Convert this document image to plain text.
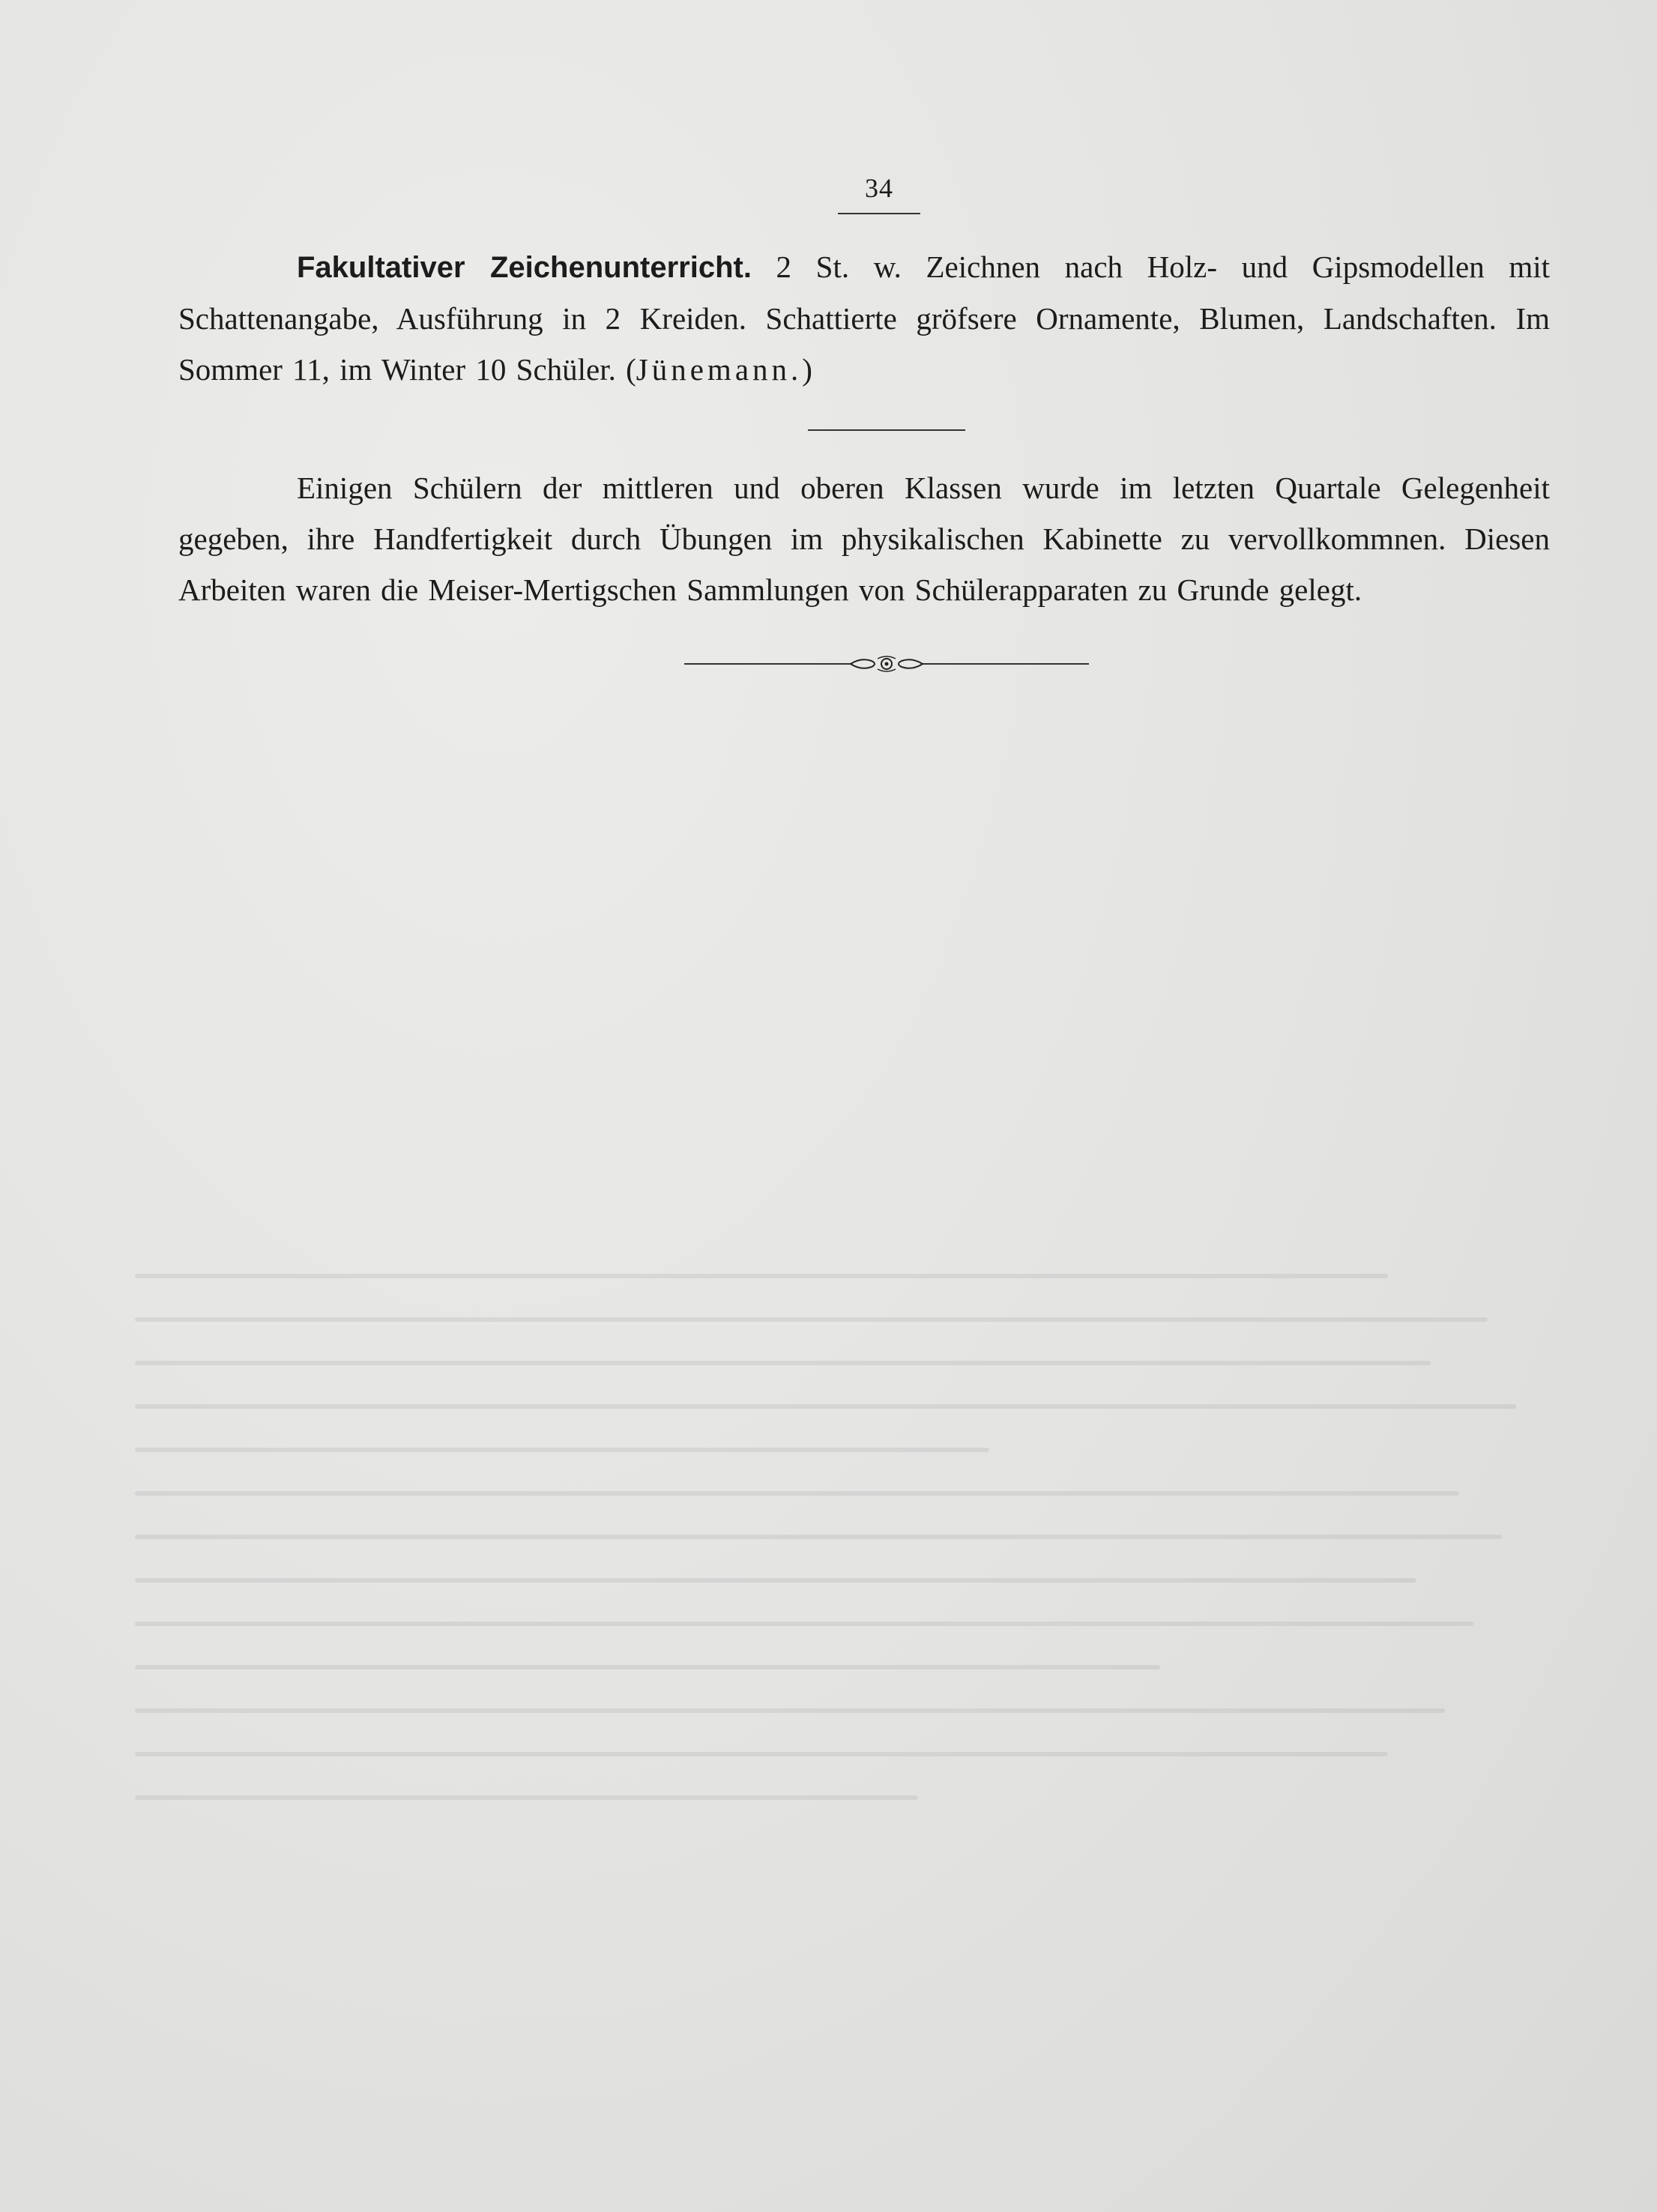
34

Fakultativer Zeichenunterricht. 2 St. w. Zeichnen nach Holz- und Gipsmodellen mit Schattenangabe, Ausführung in 2 Kreiden. Schattierte gröfsere Ornamente, Blumen, Landschaften. Im Sommer 11, im Winter 10 Schüler. (Jünemann.)

Einigen Schülern der mittleren und oberen Klassen wurde im letzten Quartale Gelegenheit gegeben, ihre Handfertigkeit durch Übungen im physikalischen Kabinette zu vervollkommnen. Diesen Arbeiten waren die Meiser-Mertigschen Sammlungen von Schülerapparaten zu Grunde gelegt.
